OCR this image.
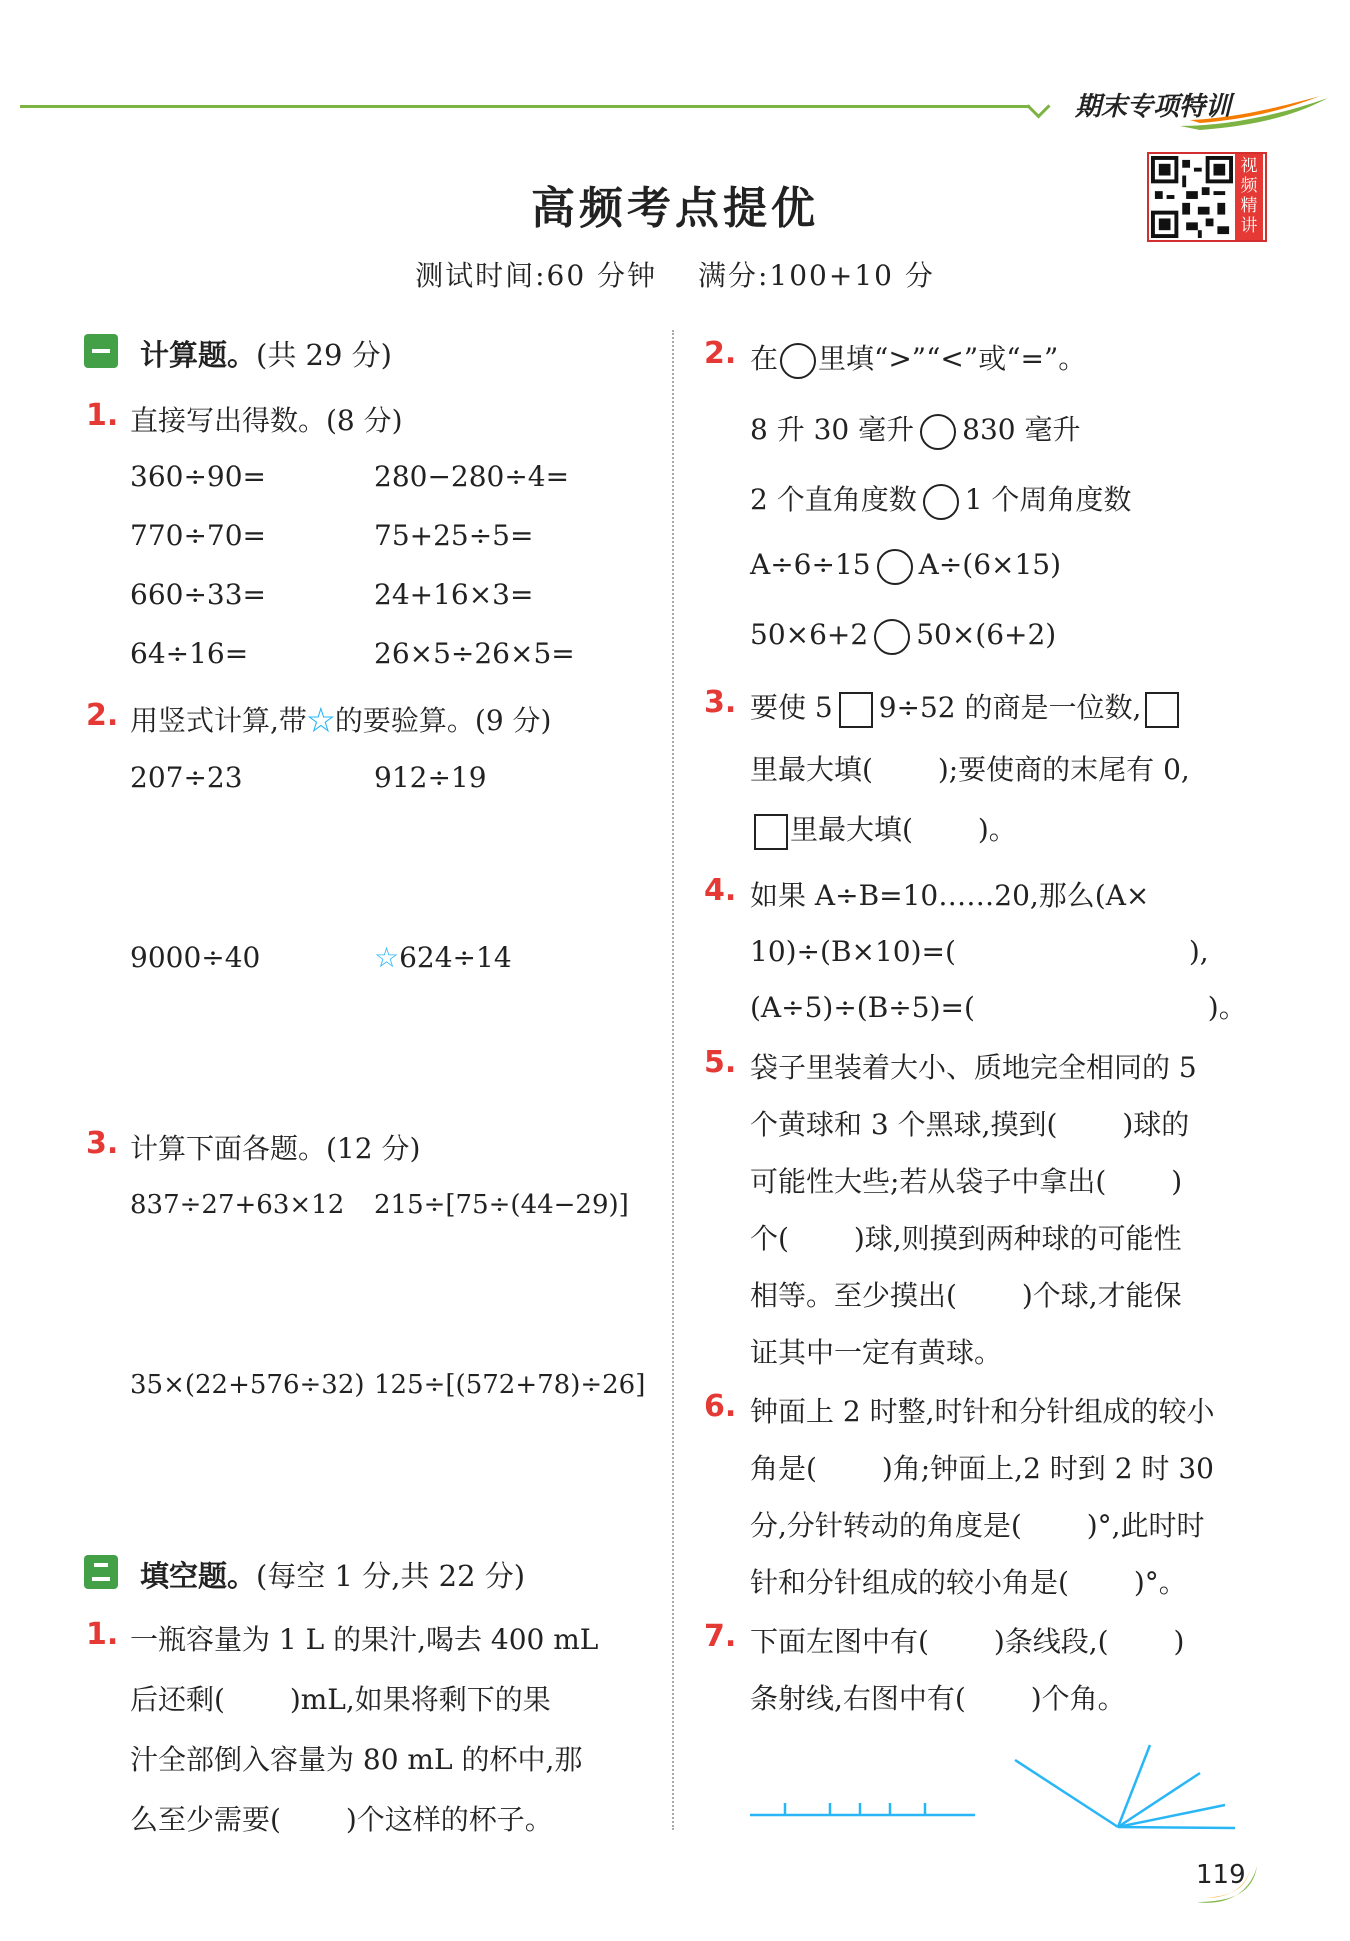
期末专项特训
视频精讲
高频考点提优
测试时间:60 分钟　 满分:100+10 分
计算题。(共 29 分)
1. 直接写出得数。(8 分)
360÷90=	280−280÷4=
770÷70=	75+25÷5=
660÷33=	24+16×3=
64÷16=	26×5÷26×5=
2. 用竖式计算,带☆的要验算。(9 分)
207÷23	912÷19
9000÷40	☆624÷14
3. 计算下面各题。(12 分)
837÷27+63×12 215÷[75÷(44−29)]
35×(22+576÷32) 125÷[(572+78)÷26]
填空题。(每空 1 分,共 22 分)
1. 一瓶容量为 1 L 的果汁,喝去 400 mL
后还剩(　　 )mL,如果将剩下的果
汁全部倒入容量为 80 mL 的杯中,那
么至少需要(　　 )个这样的杯子。
2. 在 里填“>”“<”或“=”。
8 升 30 毫升 830 毫升
2 个直角度数 1 个周角度数
A÷6÷15 A÷(6×15)
50×6+2 50×(6+2)
3. 要使 5 9÷52 的商是一位数,
里最大填(　　 );要使商的末尾有 0,
里最大填(　　 )。
4. 如果 A÷B=10……20,那么(A×
10)÷(B×10)=(　　　　　　　　 ),
(A÷5)÷(B÷5)=(　　　　　　　　 )。
5. 袋子里装着大小、质地完全相同的 5
个黄球和 3 个黑球,摸到(　　 )球的
可能性大些;若从袋子中拿出(　　 )
个(　　 )球,则摸到两种球的可能性
相等。至少摸出(　　 )个球,才能保
证其中一定有黄球。
6. 钟面上 2 时整,时针和分针组成的较小
角是(　　 )角;钟面上,2 时到 2 时 30
分,分针转动的角度是(　　 )°,此时时
针和分针组成的较小角是(　　 )°。
7. 下面左图中有(　　 )条线段,(　　 )
条射线,右图中有(　　 )个角。
119
